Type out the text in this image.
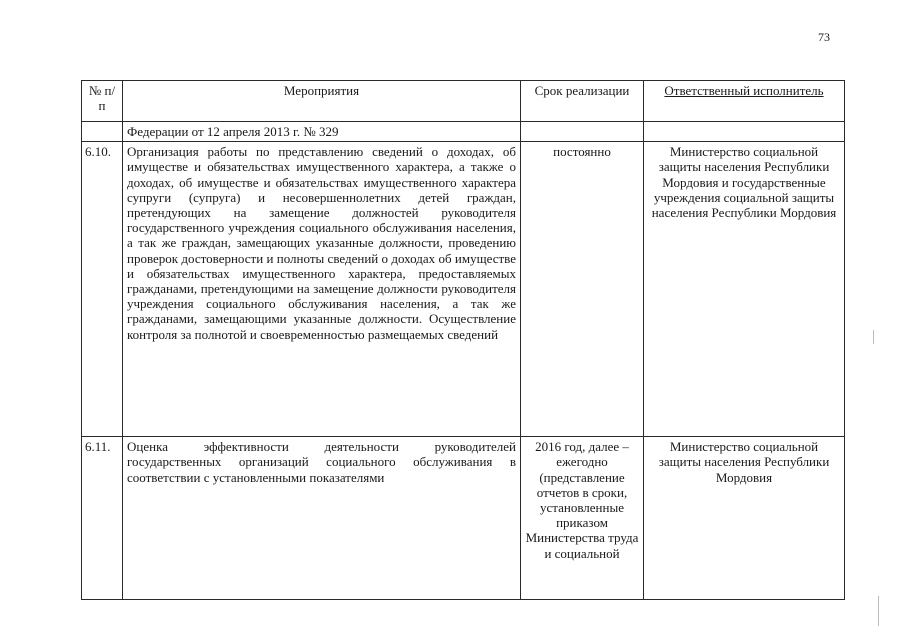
73
№ п/п	Мероприятия	Срок реализации	Ответственный исполнитель
	Федерации от 12 апреля 2013 г. № 329		
6.10.	Организация работы по представлению сведений о доходах, об имуществе и обязательствах имущественного характера, а также о доходах, об имуществе и обязательствах имущественного характера супруги (супруга) и несовершеннолетних детей граждан, претендующих на замещение должностей руководителя государственного учреждения социального обслуживания населения, а так же граждан, замещающих указанные должности, проведению проверок достоверности и полноты сведений о доходах об имуществе и обязательствах имущественного характера, предоставляемых гражданами, претендующими на замещение должности руководителя учреждения социального обслуживания населения, а так же гражданами, замещающими указанные должности. Осуществление контроля за полнотой и своевременностью размещаемых сведений	постоянно	Министерство социальной защиты населения Республики Мордовия и государственные учреждения социальной защиты населения Республики Мордовия
6.11.	Оценка эффективности деятельности руководителей государственных организаций социального обслуживания в соответствии с установленными показателями	2016 год, далее – ежегодно (представление отчетов в сроки, установленные приказом Министерства труда и социальной	Министерство социальной защиты населения Республики Мордовия
